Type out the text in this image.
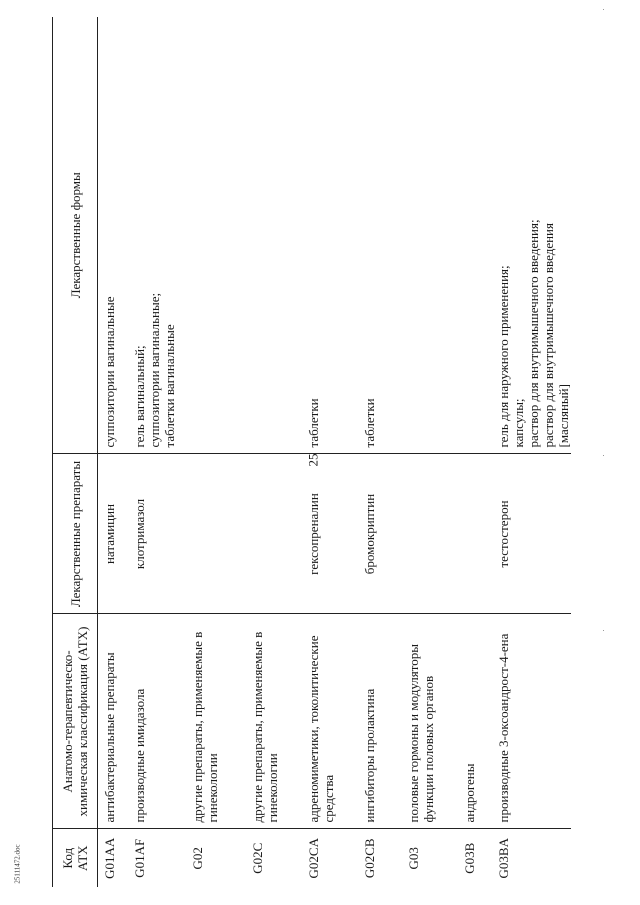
25
25111472.doc	Код АТХ	Анатомо-терапевтическо-химическая классификация (АТХ)	Лекарственные препараты	Лекарственные формы
G01AA	антибактериальные препараты	натамицин	суппозитории вагинальные

G01AF	производные имидазола	клотримазол	гель вагинальный; суппозитории вагинальные; таблетки вагинальные

G02	другие препараты, применяемые в гинекологии		
G02C	другие препараты, применяемые в гинекологии		
G02CA	адреномиметики, токолитические средства	гексопреналин	таблетки

G02CB	ингибиторы пролактина	бромокриптин	таблетки

G03	половые гормоны и модуляторы функции половых органов		
G03B	андрогены		
G03BA	производные 3-оксоандрост-4-ена	тестостерон	гель для наружного применения; капсулы; раствор для внутримышечного введения; раствор для внутримышечного введения [масляный]
